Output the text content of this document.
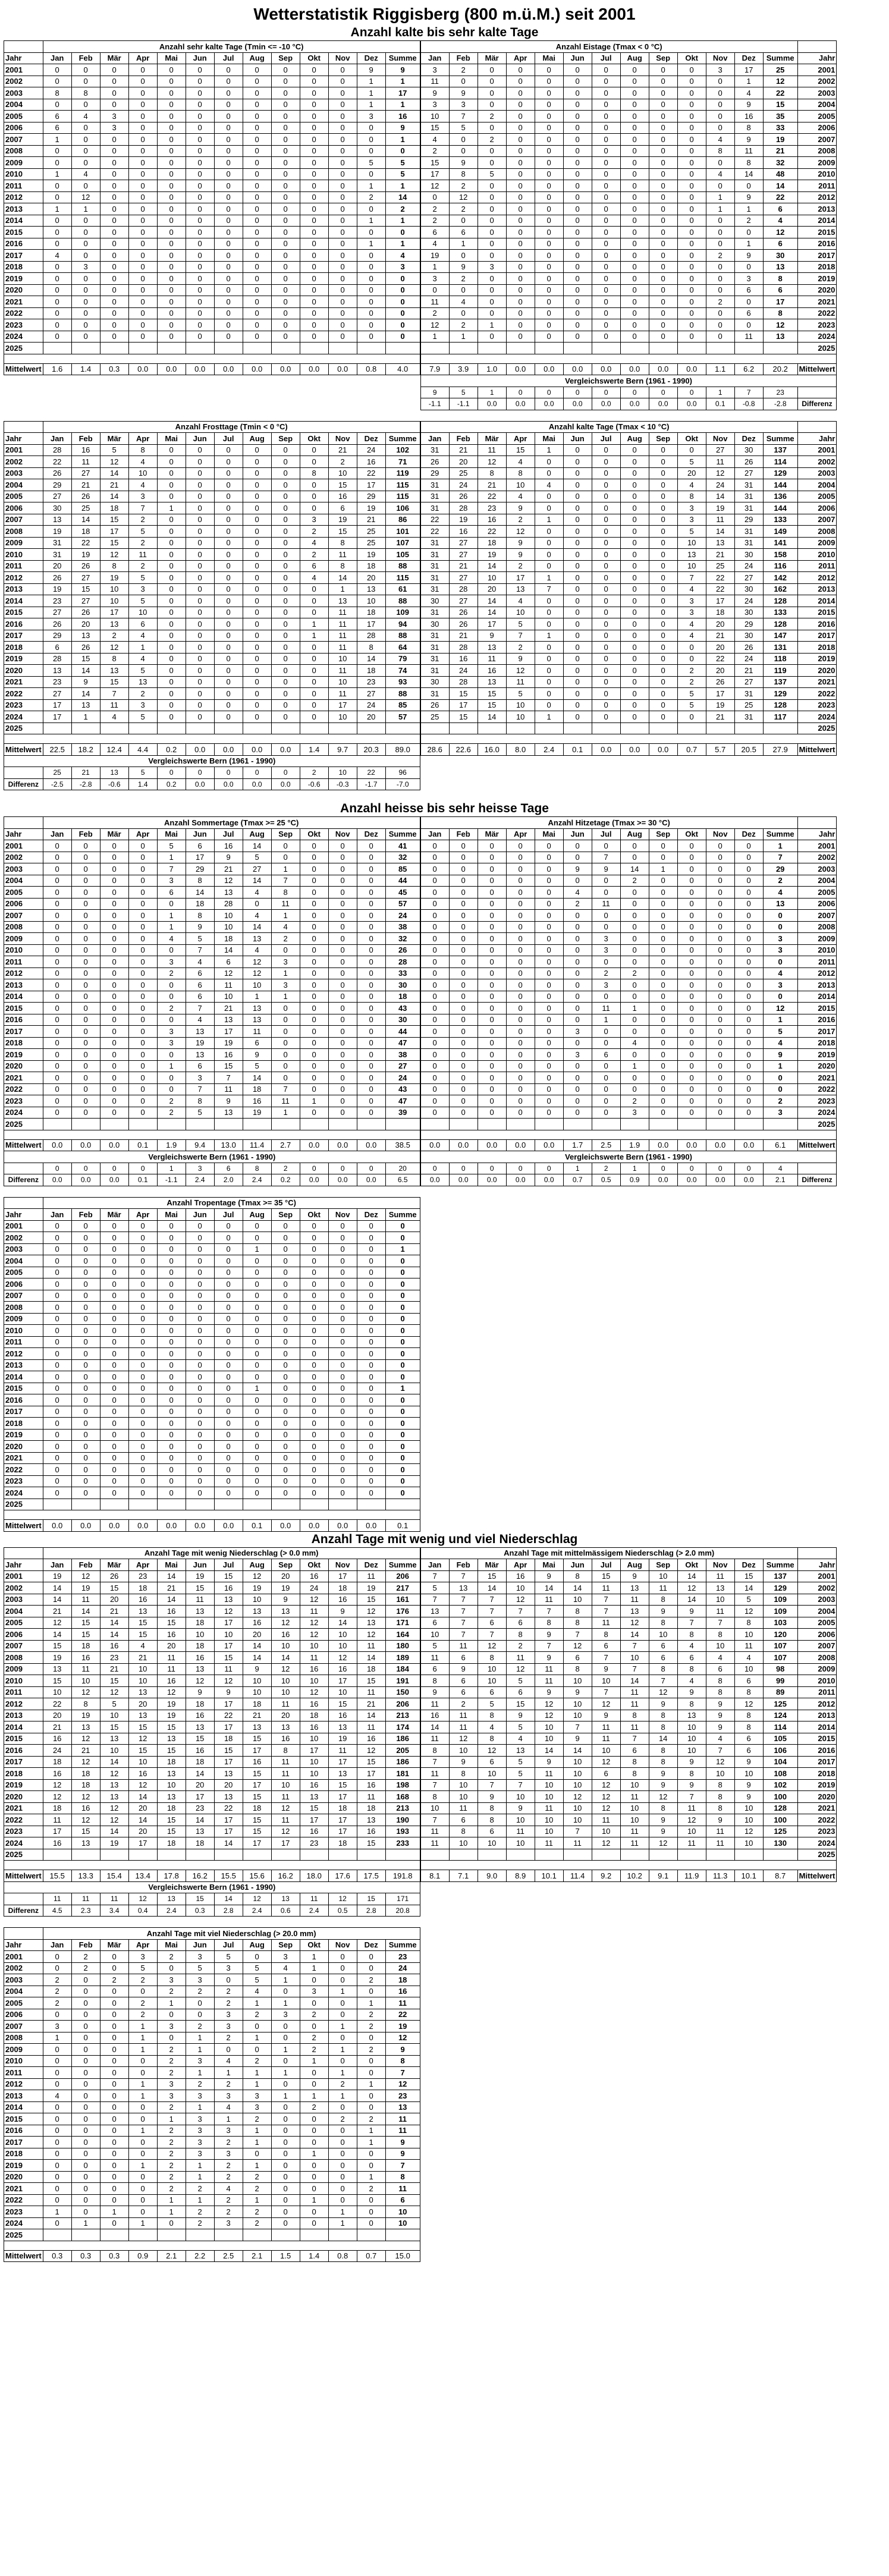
Wetterstatistik Riggisberg (800 m.ü.M.) seit 2001
Anzahl kalte bis sehr kalte Tage
	Anzahl sehr kalte Tage (Tmin <= -10 °C)												
Jahr	Jan	Feb	Mär	Apr	Mai	Jun	Jul	Aug	Sep	Okt	Nov	Dez	Summe
2001	0	0	0	0	0	0	0	0	0	0	0	9	9
2002	0	0	0	0	0	0	0	0	0	0	0	1	1
2003	8	8	0	0	0	0	0	0	0	0	0	1	17
2004	0	0	0	0	0	0	0	0	0	0	0	1	1
2005	6	4	3	0	0	0	0	0	0	0	0	3	16
2006	6	0	3	0	0	0	0	0	0	0	0	0	9
2007	1	0	0	0	0	0	0	0	0	0	0	0	1
2008	0	0	0	0	0	0	0	0	0	0	0	0	0
2009	0	0	0	0	0	0	0	0	0	0	0	5	5
2010	1	4	0	0	0	0	0	0	0	0	0	0	5
2011	0	0	0	0	0	0	0	0	0	0	0	1	1
2012	0	12	0	0	0	0	0	0	0	0	0	2	14
2013	1	1	0	0	0	0	0	0	0	0	0	0	2
2014	0	0	0	0	0	0	0	0	0	0	0	1	1
2015	0	0	0	0	0	0	0	0	0	0	0	0	0
2016	0	0	0	0	0	0	0	0	0	0	0	1	1
2017	4	0	0	0	0	0	0	0	0	0	0	0	4
2018	0	3	0	0	0	0	0	0	0	0	0	0	3
2019	0	0	0	0	0	0	0	0	0	0	0	0	0
2020	0	0	0	0	0	0	0	0	0	0	0	0	0
2021	0	0	0	0	0	0	0	0	0	0	0	0	0
2022	0	0	0	0	0	0	0	0	0	0	0	0	0
2023	0	0	0	0	0	0	0	0	0	0	0	0	0
2024	0	0	0	0	0	0	0	0	0	0	0	0	0
2025													

Mittelwert	1.6	1.4	0.3	0.0	0.0	0.0	0.0	0.0	0.0	0.0	0.0	0.8	4.0
Anzahl Eistage (Tmax < 0 °C)													
Jan	Feb	Mär	Apr	Mai	Jun	Jul	Aug	Sep	Okt	Nov	Dez	Summe	Jahr
3	2	0	0	0	0	0	0	0	0	3	17	25	2001
11	0	0	0	0	0	0	0	0	0	0	1	12	2002
9	9	0	0	0	0	0	0	0	0	0	4	22	2003
3	3	0	0	0	0	0	0	0	0	0	9	15	2004
10	7	2	0	0	0	0	0	0	0	0	16	35	2005
15	5	0	0	0	0	0	0	0	0	0	8	33	2006
4	0	2	0	0	0	0	0	0	0	4	9	19	2007
2	0	0	0	0	0	0	0	0	0	8	11	21	2008
15	9	0	0	0	0	0	0	0	0	0	8	32	2009
17	8	5	0	0	0	0	0	0	0	4	14	48	2010
12	2	0	0	0	0	0	0	0	0	0	0	14	2011
0	12	0	0	0	0	0	0	0	0	1	9	22	2012
2	2	0	0	0	0	0	0	0	0	1	1	6	2013
2	0	0	0	0	0	0	0	0	0	0	2	4	2014
6	6	0	0	0	0	0	0	0	0	0	0	12	2015
4	1	0	0	0	0	0	0	0	0	0	1	6	2016
19	0	0	0	0	0	0	0	0	0	2	9	30	2017
1	9	3	0	0	0	0	0	0	0	0	0	13	2018
3	2	0	0	0	0	0	0	0	0	0	3	8	2019
0	0	0	0	0	0	0	0	0	0	0	6	6	2020
11	4	0	0	0	0	0	0	0	0	2	0	17	2021
2	0	0	0	0	0	0	0	0	0	0	6	8	2022
12	2	1	0	0	0	0	0	0	0	0	0	12	2023
1	1	0	0	0	0	0	0	0	0	0	11	13	2024
													2025

7.9	3.9	1.0	0.0	0.0	0.0	0.0	0.0	0.0	0.0	1.1	6.2	20.2	Mittelwert
Vergleichswerte Bern (1961 - 1990)													
9	5	1	0	0	0	0	0	0	0	1	7	23	
-1.1	-1.1	0.0	0.0	0.0	0.0	0.0	0.0	0.0	0.0	0.1	-0.8	-2.8	Differenz
	Anzahl Frosttage (Tmin < 0 °C)												
Jahr	Jan	Feb	Mär	Apr	Mai	Jun	Jul	Aug	Sep	Okt	Nov	Dez	Summe
2001	28	16	5	8	0	0	0	0	0	0	21	24	102
2002	22	11	12	4	0	0	0	0	0	0	2	16	71
2003	26	27	14	10	0	0	0	0	0	8	10	22	119
2004	29	21	21	4	0	0	0	0	0	0	15	17	115
2005	27	26	14	3	0	0	0	0	0	0	16	29	115
2006	30	25	18	7	1	0	0	0	0	0	6	19	106
2007	13	14	15	2	0	0	0	0	0	3	19	21	86
2008	19	18	17	5	0	0	0	0	0	2	15	25	101
2009	31	22	15	2	0	0	0	0	0	4	8	25	107
2010	31	19	12	11	0	0	0	0	0	2	11	19	105
2011	20	26	8	2	0	0	0	0	0	6	8	18	88
2012	26	27	19	5	0	0	0	0	0	4	14	20	115
2013	19	15	10	3	0	0	0	0	0	0	1	13	61
2014	23	27	10	5	0	0	0	0	0	0	13	10	88
2015	27	26	17	10	0	0	0	0	0	0	11	18	109
2016	26	20	13	6	0	0	0	0	0	1	11	17	94
2017	29	13	2	4	0	0	0	0	0	1	11	28	88
2018	6	26	12	1	0	0	0	0	0	0	11	8	64
2019	28	15	8	4	0	0	0	0	0	0	10	14	79
2020	13	14	13	5	0	0	0	0	0	0	11	18	74
2021	23	9	15	13	0	0	0	0	0	0	10	23	93
2022	27	14	7	2	0	0	0	0	0	0	11	27	88
2023	17	13	11	3	0	0	0	0	0	0	17	24	85
2024	17	1	4	5	0	0	0	0	0	0	10	20	57
2025													

Mittelwert	22.5	18.2	12.4	4.4	0.2	0.0	0.0	0.0	0.0	1.4	9.7	20.3	89.0
Vergleichswerte Bern (1961 - 1990)													
	25	21	13	5	0	0	0	0	0	2	10	22	96
Differenz	-2.5	-2.8	-0.6	1.4	0.2	0.0	0.0	0.0	0.0	-0.6	-0.3	-1.7	-7.0
Anzahl kalte Tage (Tmax < 10 °C)													
Jan	Feb	Mär	Apr	Mai	Jun	Jul	Aug	Sep	Okt	Nov	Dez	Summe	Jahr
31	21	11	15	1	0	0	0	0	0	27	30	137	2001
26	20	12	4	0	0	0	0	0	5	11	26	114	2002
29	25	8	8	0	0	0	0	0	20	12	27	129	2003
31	24	21	10	4	0	0	0	0	4	24	31	144	2004
31	26	22	4	0	0	0	0	0	8	14	31	136	2005
31	28	23	9	0	0	0	0	0	3	19	31	144	2006
22	19	16	2	1	0	0	0	0	3	11	29	133	2007
22	16	22	12	0	0	0	0	0	5	14	31	149	2008
31	27	18	9	0	0	0	0	0	10	13	31	141	2009
31	27	19	9	0	0	0	0	0	13	21	30	158	2010
31	21	14	2	0	0	0	0	0	10	25	24	116	2011
31	27	10	17	1	0	0	0	0	7	22	27	142	2012
31	28	20	13	7	0	0	0	0	4	22	30	162	2013
30	27	14	4	0	0	0	0	0	3	17	24	128	2014
31	26	14	10	0	0	0	0	0	3	18	30	133	2015
30	26	17	5	0	0	0	0	0	4	20	29	128	2016
31	21	9	7	1	0	0	0	0	4	21	30	147	2017
31	28	13	2	0	0	0	0	0	0	20	26	131	2018
31	16	11	9	0	0	0	0	0	0	22	24	118	2019
31	24	16	12	0	0	0	0	0	2	20	21	119	2020
30	28	13	11	0	0	0	0	0	2	26	27	137	2021
31	15	15	5	0	0	0	0	0	5	17	31	129	2022
26	17	15	10	0	0	0	0	0	5	19	25	128	2023
25	15	14	10	1	0	0	0	0	0	21	31	117	2024
													2025

28.6	22.6	16.0	8.0	2.4	0.1	0.0	0.0	0.0	0.7	5.7	20.5	27.9	Mittelwert
Anzahl heisse bis sehr heisse Tage
	Anzahl Sommertage (Tmax >= 25 °C)												
Jahr	Jan	Feb	Mär	Apr	Mai	Jun	Jul	Aug	Sep	Okt	Nov	Dez	Summe
2001	0	0	0	0	5	6	16	14	0	0	0	0	41
2002	0	0	0	0	1	17	9	5	0	0	0	0	32
2003	0	0	0	0	7	29	21	27	1	0	0	0	85
2004	0	0	0	0	3	8	12	14	7	0	0	0	44
2005	0	0	0	0	6	14	13	4	8	0	0	0	45
2006	0	0	0	0	0	18	28	0	11	0	0	0	57
2007	0	0	0	0	1	8	10	4	1	0	0	0	24
2008	0	0	0	0	1	9	10	14	4	0	0	0	38
2009	0	0	0	0	4	5	18	13	2	0	0	0	32
2010	0	0	0	0	0	7	14	4	0	0	0	0	26
2011	0	0	0	0	3	4	6	12	3	0	0	0	28
2012	0	0	0	0	2	6	12	12	1	0	0	0	33
2013	0	0	0	0	0	6	11	10	3	0	0	0	30
2014	0	0	0	0	0	6	10	1	1	0	0	0	18
2015	0	0	0	0	2	7	21	13	0	0	0	0	43
2016	0	0	0	0	0	4	13	13	0	0	0	0	30
2017	0	0	0	0	3	13	17	11	0	0	0	0	44
2018	0	0	0	0	3	19	19	6	0	0	0	0	47
2019	0	0	0	0	0	13	16	9	0	0	0	0	38
2020	0	0	0	0	1	6	15	5	0	0	0	0	27
2021	0	0	0	0	0	3	7	14	0	0	0	0	24
2022	0	0	0	0	0	7	11	18	7	0	0	0	43
2023	0	0	0	0	2	8	9	16	11	1	0	0	47
2024	0	0	0	0	2	5	13	19	1	0	0	0	39
2025													

Mittelwert	0.0	0.0	0.0	0.1	1.9	9.4	13.0	11.4	2.7	0.0	0.0	0.0	38.5
Vergleichswerte Bern (1961 - 1990)													
	0	0	0	0	1	3	6	8	2	0	0	0	20
Differenz	0.0	0.0	0.0	0.1	-1.1	2.4	2.0	2.4	0.2	0.0	0.0	0.0	6.5
Anzahl Hitzetage (Tmax >= 30 °C)													
Jan	Feb	Mär	Apr	Mai	Jun	Jul	Aug	Sep	Okt	Nov	Dez	Summe	Jahr
0	0	0	0	0	0	0	0	0	0	0	0	1	2001
0	0	0	0	0	0	7	0	0	0	0	0	7	2002
0	0	0	0	0	9	9	14	1	0	0	0	29	2003
0	0	0	0	0	0	0	2	0	0	0	0	2	2004
0	0	0	0	0	4	0	0	0	0	0	0	4	2005
0	0	0	0	0	2	11	0	0	0	0	0	13	2006
0	0	0	0	0	0	0	0	0	0	0	0	0	2007
0	0	0	0	0	0	0	0	0	0	0	0	0	2008
0	0	0	0	0	0	3	0	0	0	0	0	3	2009
0	0	0	0	0	0	3	0	0	0	0	0	3	2010
0	0	0	0	0	0	0	0	0	0	0	0	0	2011
0	0	0	0	0	0	2	2	0	0	0	0	4	2012
0	0	0	0	0	0	3	0	0	0	0	0	3	2013
0	0	0	0	0	0	0	0	0	0	0	0	0	2014
0	0	0	0	0	0	11	1	0	0	0	0	12	2015
0	0	0	0	0	0	1	0	0	0	0	0	1	2016
0	0	0	0	0	3	0	0	0	0	0	0	5	2017
0	0	0	0	0	0	0	4	0	0	0	0	4	2018
0	0	0	0	0	3	6	0	0	0	0	0	9	2019
0	0	0	0	0	0	0	1	0	0	0	0	1	2020
0	0	0	0	0	0	0	0	0	0	0	0	0	2021
0	0	0	0	0	0	0	0	0	0	0	0	0	2022
0	0	0	0	0	0	0	2	0	0	0	0	2	2023
0	0	0	0	0	0	0	3	0	0	0	0	3	2024
													2025

0.0	0.0	0.0	0.0	0.0	1.7	2.5	1.9	0.0	0.0	0.0	0.0	6.1	Mittelwert
Vergleichswerte Bern (1961 - 1990)													
0	0	0	0	0	1	2	1	0	0	0	0	4	
0.0	0.0	0.0	0.0	0.0	0.7	0.5	0.9	0.0	0.0	0.0	0.0	2.1	Differenz
	Anzahl Tropentage (Tmax >= 35 °C)												
Jahr	Jan	Feb	Mär	Apr	Mai	Jun	Jul	Aug	Sep	Okt	Nov	Dez	Summe
2001	0	0	0	0	0	0	0	0	0	0	0	0	0
2002	0	0	0	0	0	0	0	0	0	0	0	0	0
2003	0	0	0	0	0	0	0	1	0	0	0	0	1
2004	0	0	0	0	0	0	0	0	0	0	0	0	0
2005	0	0	0	0	0	0	0	0	0	0	0	0	0
2006	0	0	0	0	0	0	0	0	0	0	0	0	0
2007	0	0	0	0	0	0	0	0	0	0	0	0	0
2008	0	0	0	0	0	0	0	0	0	0	0	0	0
2009	0	0	0	0	0	0	0	0	0	0	0	0	0
2010	0	0	0	0	0	0	0	0	0	0	0	0	0
2011	0	0	0	0	0	0	0	0	0	0	0	0	0
2012	0	0	0	0	0	0	0	0	0	0	0	0	0
2013	0	0	0	0	0	0	0	0	0	0	0	0	0
2014	0	0	0	0	0	0	0	0	0	0	0	0	0
2015	0	0	0	0	0	0	0	1	0	0	0	0	1
2016	0	0	0	0	0	0	0	0	0	0	0	0	0
2017	0	0	0	0	0	0	0	0	0	0	0	0	0
2018	0	0	0	0	0	0	0	0	0	0	0	0	0
2019	0	0	0	0	0	0	0	0	0	0	0	0	0
2020	0	0	0	0	0	0	0	0	0	0	0	0	0
2021	0	0	0	0	0	0	0	0	0	0	0	0	0
2022	0	0	0	0	0	0	0	0	0	0	0	0	0
2023	0	0	0	0	0	0	0	0	0	0	0	0	0
2024	0	0	0	0	0	0	0	0	0	0	0	0	0
2025													

Mittelwert	0.0	0.0	0.0	0.0	0.0	0.0	0.0	0.1	0.0	0.0	0.0	0.0	0.1
Anzahl Tage mit wenig und viel Niederschlag
	Anzahl Tage mit wenig Niederschlag (> 0.0 mm)												
Jahr	Jan	Feb	Mär	Apr	Mai	Jun	Jul	Aug	Sep	Okt	Nov	Dez	Summe
2001	19	12	26	23	14	19	15	12	20	16	17	11	206
2002	14	19	15	18	21	15	16	19	19	24	18	19	217
2003	14	11	20	16	14	11	13	10	9	12	16	15	161
2004	21	14	21	13	16	13	12	13	13	11	9	12	176
2005	12	15	14	15	15	18	17	16	12	12	14	13	171
2006	14	15	14	15	16	10	10	20	16	12	10	12	164
2007	15	18	16	4	20	18	17	14	10	10	10	11	180
2008	19	16	23	21	11	16	15	14	14	11	12	14	189
2009	13	11	21	10	11	13	11	9	12	16	16	18	184
2010	15	10	15	10	16	12	12	10	10	10	17	15	191
2011	10	12	12	13	12	9	9	10	10	12	10	11	150
2012	22	8	5	20	19	18	17	18	11	16	15	21	206
2013	20	19	10	13	19	16	22	21	20	18	16	14	213
2014	21	13	15	15	15	13	17	13	13	16	13	11	174
2015	16	12	13	12	13	15	18	15	16	10	19	16	186
2016	24	21	10	15	15	16	15	17	8	17	11	12	205
2017	18	12	14	10	18	18	17	16	11	10	17	15	186
2018	16	18	12	16	13	14	13	15	11	10	13	17	181
2019	12	18	13	12	10	20	20	17	10	16	15	16	198
2020	12	12	13	14	13	17	13	15	11	13	17	11	168
2021	18	16	12	20	18	23	22	18	12	15	18	18	213
2022	11	12	12	14	15	14	17	15	11	17	17	13	190
2023	17	15	14	20	15	13	17	15	12	16	17	16	193
2024	16	13	19	17	18	18	14	17	17	23	18	15	233
2025													

Mittelwert	15.5	13.3	15.4	13.4	17.8	16.2	15.5	15.6	16.2	18.0	17.6	17.5	191.8
Vergleichswerte Bern (1961 - 1990)													
	11	11	11	12	13	15	14	12	13	11	12	15	171
Differenz	4.5	2.3	3.4	0.4	2.4	0.3	2.8	2.4	0.6	2.4	0.5	2.8	20.8
Anzahl Tage mit mittelmässigem Niederschlag (> 2.0 mm)													
Jan	Feb	Mär	Apr	Mai	Jun	Jul	Aug	Sep	Okt	Nov	Dez	Summe	Jahr
7	7	15	16	9	8	15	9	10	14	11	15	137	2001
5	13	14	10	14	14	11	13	11	12	13	14	129	2002
7	7	7	12	11	10	7	11	8	14	10	5	109	2003
13	7	7	7	7	8	7	13	9	9	11	12	109	2004
6	7	6	6	8	8	11	12	8	7	7	8	103	2005
10	7	7	8	9	7	8	14	10	8	8	10	120	2006
5	11	12	2	7	12	6	7	6	4	10	11	107	2007
11	6	8	11	9	6	7	10	6	6	4	4	107	2008
6	9	10	12	11	8	9	7	8	8	6	10	98	2009
8	6	10	5	11	10	10	14	7	4	8	6	99	2010
9	6	6	6	9	9	7	11	12	9	8	8	89	2011
11	2	5	15	12	10	12	11	9	8	9	12	125	2012
16	11	8	9	12	10	9	8	8	13	9	8	124	2013
14	11	4	5	10	7	11	11	8	10	9	8	114	2014
11	12	8	4	10	9	11	7	14	10	4	6	105	2015
8	10	12	13	14	14	10	6	8	10	7	6	106	2016
7	9	6	5	9	10	12	8	8	9	12	9	104	2017
11	8	10	5	11	10	6	8	9	8	10	10	108	2018
7	10	7	7	10	10	12	10	9	9	8	9	102	2019
8	10	9	10	10	12	12	11	12	7	8	9	100	2020
10	11	8	9	11	10	12	10	8	11	8	10	128	2021
7	6	8	10	10	10	11	10	9	12	9	10	100	2022
11	8	6	11	10	7	10	11	9	10	11	12	125	2023
11	10	10	10	11	11	12	11	12	11	11	10	130	2024
													2025

8.1	7.1	9.0	8.9	10.1	11.4	9.2	10.2	9.1	11.9	11.3	10.1	8.7	Mittelwert
	Anzahl Tage mit viel Niederschlag (> 20.0 mm)												
Jahr	Jan	Feb	Mär	Apr	Mai	Jun	Jul	Aug	Sep	Okt	Nov	Dez	Summe
2001	0	2	0	3	2	3	5	0	3	1	0	0	23
2002	0	2	0	5	0	5	3	5	4	1	0	0	24
2003	2	0	2	2	3	3	0	5	1	0	0	2	18
2004	2	0	0	0	2	2	2	4	0	3	1	0	16
2005	2	0	0	2	1	0	2	1	1	0	0	1	11
2006	0	0	0	2	0	0	3	2	3	2	0	2	22
2007	3	0	0	1	3	2	3	0	0	0	1	2	19
2008	1	0	0	1	0	1	2	1	0	2	0	0	12
2009	0	0	0	1	2	1	0	0	1	2	1	2	9
2010	0	0	0	0	2	3	4	2	0	1	0	0	8
2011	0	0	0	0	2	1	1	1	1	0	1	0	7
2012	0	0	0	1	3	2	2	1	0	0	2	1	12
2013	4	0	0	1	3	3	3	3	1	1	1	0	23
2014	0	0	0	0	2	1	4	3	0	2	0	0	13
2015	0	0	0	0	1	3	1	2	0	0	2	2	11
2016	0	0	0	1	2	3	3	1	0	0	0	1	11
2017	0	0	0	0	2	3	2	1	0	0	0	1	9
2018	0	0	0	0	2	3	3	0	0	1	0	0	9
2019	0	0	0	1	2	1	2	1	0	0	0	0	7
2020	0	0	0	0	2	1	2	2	0	0	0	1	8
2021	0	0	0	0	2	2	4	2	0	0	0	2	11
2022	0	0	0	0	1	1	2	1	0	1	0	0	6
2023	1	0	1	0	1	2	2	2	0	0	1	0	10
2024	0	1	0	1	0	2	3	2	0	0	1	0	10
2025													

Mittelwert	0.3	0.3	0.3	0.9	2.1	2.2	2.5	2.1	1.5	1.4	0.8	0.7	15.0
